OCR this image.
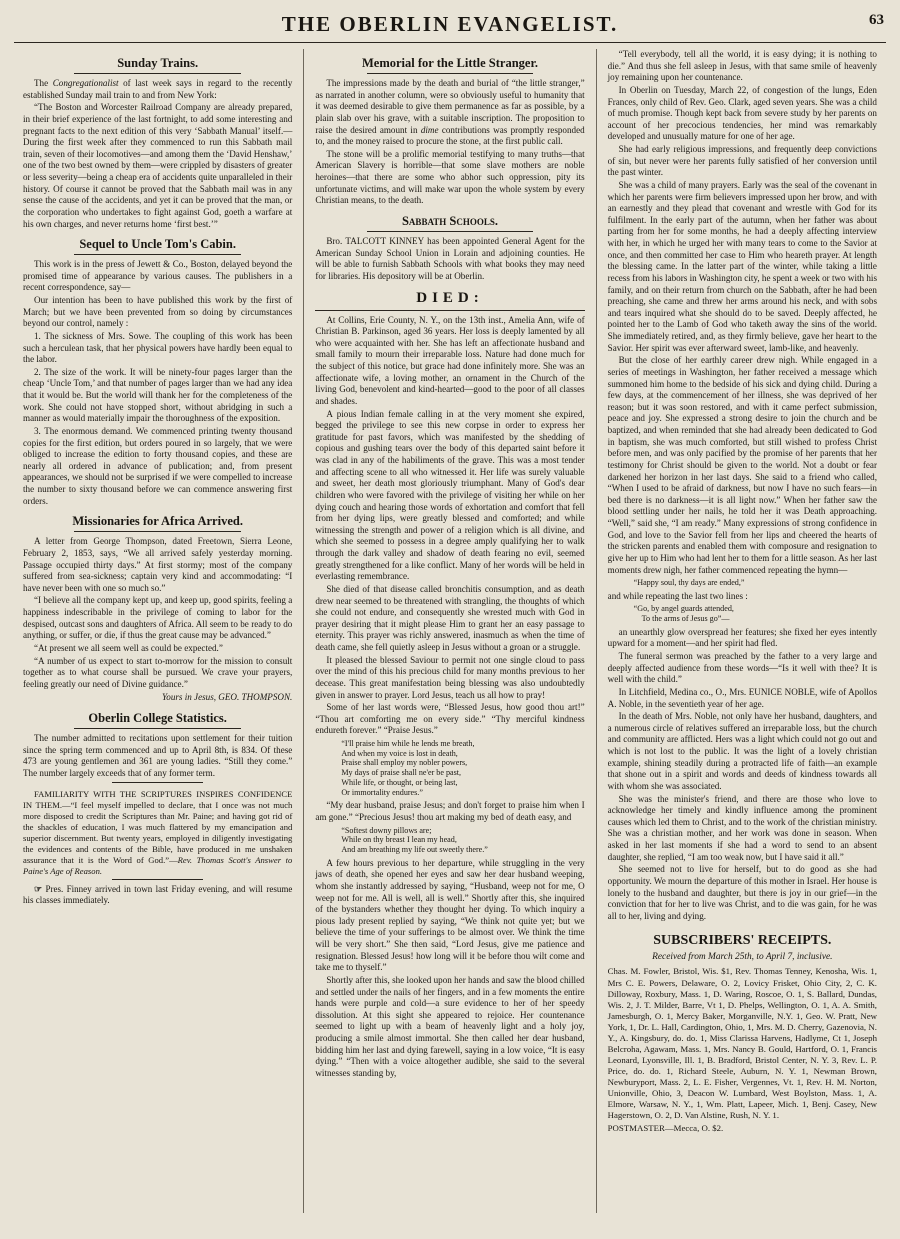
THE OBERLIN EVANGELIST.	63
Sunday Trains.

The Congregationalist of last week says in regard to the recently established Sunday mail train to and from New York:

“The Boston and Worcester Railroad Company are already prepared, in their brief experience of the last fortnight, to add some interesting and pregnant facts to the next edition of this very ‘Sabbath Manual’ itself.— During the first week after they commenced to run this Sabbath mail train, seven of their locomotives—and among them the ‘David Henshaw,’ one of the two best owned by them—were crippled by disasters of greater or less severity—being a cheap era of accidents quite unparalleled in their history. Of course it cannot be proved that the Sabbath mail was in any sense the cause of the accidents, and yet it can be proved that the man, or the corporation who undertakes to fight against God, goeth a warfare at his own charges, and never returns home ‘first best.’”

Sequel to Uncle Tom's Cabin.

This work is in the press of Jewett & Co., Boston, delayed beyond the promised time of appearance by various causes. The publishers in a recent correspondence, say—

Our intention has been to have published this work by the first of March; but we have been prevented from so doing by circumstances beyond our control, namely :

1. The sickness of Mrs. Sowe. The coupling of this work has been such a herculean task, that her physical powers have hardly been equal to the labor.

2. The size of the work. It will be ninety-four pages larger than the cheap ‘Uncle Tom,’ and that number of pages larger than we had any idea that it would be. But the world will thank her for the completeness of the work. She could not have stopped short, without abridging in such a manner as would materially impair the thoroughness of the exposition.

3. The enormous demand. We commenced printing twenty thousand copies for the first edition, but orders poured in so largely, that we were obliged to increase the edition to forty thousand copies, and these are nearly all ordered in advance of publication; and, from present appearances, we should not be surprised if we were compelled to increase the number to sixty thousand before we can commence answering first orders.

Missionaries for Africa Arrived.

A letter from George Thompson, dated Freetown, Sierra Leone, February 2, 1853, says, “We all arrived safely yesterday morning. Passage occupied thirty days.” At first stormy; most of the company suffered from sea-sickness; captain very kind and accommodating: “I have never been with one so much so.”

“I believe all the company kept up, and keep up, good spirits, feeling a happiness indescribable in the privilege of coming to labor for the despised, outcast sons and daughters of Africa. All seem to be ready to do anything, or suffer, or die, if thus the great cause may be advanced.”

“At present we all seem well as could be expected.”

“A number of us expect to start to-morrow for the mission to consult together as to what course shall be pursued. We crave your prayers, feeling greatly our need of Divine guidance.”

Yours in Jesus, GEO. THOMPSON.

Oberlin College Statistics.

The number admitted to recitations upon settlement for their tuition since the spring term commenced and up to April 8th, is 834. Of these 473 are young gentlemen and 361 are young ladies. “Still they come.” The number largely exceeds that of any former term.

FAMILIARITY WITH THE SCRIPTURES INSPIRES CONFIDENCE IN THEM.—“I feel myself impelled to declare, that I once was not much more disposed to credit the Scriptures than Mr. Paine; and having got rid of the shackles of education, I was much flattered by my emancipation and superior discernment. But twenty years, employed in diligently investigating the evidences and contents of the Bible, have produced in me unshaken assurance that it is the Word of God.”—Rev. Thomas Scott's Answer to Paine's Age of Reason.

☞ Pres. Finney arrived in town last Friday evening, and will resume his classes immediately.

Memorial for the Little Stranger.

The impressions made by the death and burial of “the little stranger,” as narrated in another column, were so obviously useful to humanity that it was deemed desirable to give them permanence as far as possible, by a plain slab over his grave, with a suitable inscription. The proposition to raise the desired amount in dime contributions was promptly responded to, and the money raised to procure the stone, at the first public call.

The stone will be a prolific memorial testifying to many truths—that American Slavery is horrible—that some slave mothers are noble heroines—that there are some who abhor such oppression, pity its unfortunate victims, and will make war upon the whole system by every Christian means, to the death.

Sabbath Schools.

Bro. TALCOTT KINNEY has been appointed General Agent for the American Sunday School Union in Lorain and adjoining counties. He will be able to furnish Sabbath Schools with what books they may need for libraries. His depository will be at Oberlin.

DIED:

At Collins, Erie County, N. Y., on the 13th inst., Amelia Ann, wife of Christian B. Parkinson, aged 36 years. Her loss is deeply lamented by all who were acquainted with her. She has left an affectionate husband and small family to mourn their irreparable loss. Nature had done much for the subject of this notice, but grace had done infinitely more. She was an affectionate wife, a loving mother, an ornament in the Church of the living God, benevolent and kind-hearted—good to the poor of all classes and shades.

A pious Indian female calling in at the very moment she expired, begged the privilege to see this new corpse in order to express her gratitude for past favors, which was manifested by the shedding of copious and gushing tears over the body of this departed saint before it was clad in any of the habiliments of the grave. This was a most tender and affecting scene to all who witnessed it. Her life was surely valuable and sweet, her death most gloriously triumphant. Many of God's dear children who were favored with the privilege of visiting her while on her dying couch and hearing those words of exhortation and comfort that fell from her dying lips, were greatly blessed and comforted; and while witnessing the strength and power of a religion which is all divine, and which she seemed to possess in a degree amply qualifying her to walk through the dark valley and shadow of death fearing no evil, seemed greatly strengthened for a like conflict. Many of her words will be held in everlasting remembrance.

She died of that disease called bronchitis consumption, and as death drew near seemed to be threatened with strangling, the thoughts of which she could not endure, and consequently she wrested much with God in prayer desiring that it might please Him to grant her an easy passage to eternity. This prayer was richly answered, inasmuch as when the time of death came, she fell quietly asleep in Jesus without a groan or a struggle.

It pleased the blessed Saviour to permit not one single cloud to pass over the mind of this his precious child for many months previous to her decease. This great manifestation being blessing was also undoubtedly given in answer to prayer. Lord Jesus, teach us all how to pray!

Some of her last words were, “Blessed Jesus, how good thou art!” “Thou art comforting me on every side.” “Thy merciful kindness endureth forever.” “Praise Jesus.”

“I'll praise him while he lends me breath,
And when my voice is lost in death,
Praise shall employ my nobler powers,
My days of praise shall ne'er be past,
While life, or thought, or being last,
Or immortality endures.”

“My dear husband, praise Jesus; and don't forget to praise him when I am gone.” “Precious Jesus! thou art making my bed of death easy, and

“Softest downy pillows are;
While on thy breast I lean my head,
And am breathing my life out sweetly there.”

A few hours previous to her departure, while struggling in the very jaws of death, she opened her eyes and saw her dear husband weeping, whom she instantly addressed by saying, “Husband, weep not for me, O weep not for me. All is well, all is well.” Shortly after this, she inquired of the bystanders whether they thought her dying. To which inquiry a pious lady present replied by saying, “We think not quite yet; but we believe the time of your sufferings to be almost over. We think the time will be very short.” She then said, “Lord Jesus, give me patience and resignation. Blessed Jesus! how long will it be before thou wilt come and take me to thyself.”

Shortly after this, she looked upon her hands and saw the blood chilled and settled under the nails of her fingers, and in a few moments the entire hands were purple and cold—a sure evidence to her of her speedy dissolution. At this sight she appeared to rejoice. Her countenance seemed to light up with a beam of heavenly light and a holy joy, producing a smile almost immortal. She then called her dear husband, bidding him her last and dying farewell, saying in a low voice, “It is easy dying.” “Then with a voice altogether audible, she said to the several witnesses standing by,

“Tell everybody, tell all the world, it is easy dying; it is nothing to die.” And thus she fell asleep in Jesus, with that same smile of heavenly joy remaining upon her countenance.

In Oberlin on Tuesday, March 22, of congestion of the lungs, Eden Frances, only child of Rev. Geo. Clark, aged seven years. She was a child of much promise. Though kept back from severe study by her parents on account of her precocious tendencies, her mind was remarkably developed and unusually mature for one of her age.

She had early religious impressions, and frequently deep convictions of sin, but never were her parents fully satisfied of her conversion until the past winter.

She was a child of many prayers. Early was the seal of the covenant in which her parents were firm believers impressed upon her brow, and with an earnestly and they plead that covenant and wrestle with God for its fulfilment. In the early part of the autumn, when her father was about parting from her for some months, he had a deeply affecting interview with her, in which he urged her with many tears to come to the Savior at once, and then committed her case to Him who heareth prayer. At length the blessing came. In the latter part of the winter, while taking a little recess from his labors in Washington city, he spent a week or two with his family, and on their return from church on the Sabbath, after he had been preaching, she came and threw her arms around his neck, and with sobs and tears inquired what she should do to be saved. Deeply affected, he pointed her to the Lamb of God who taketh away the sins of the world. She immediately retired, and, as they firmly believe, gave her heart to the Savior. Her spirit was ever afterward sweet, lamb-like, and heavenly.

But the close of her earthly career drew nigh. While engaged in a series of meetings in Washington, her father received a message which summoned him home to the bedside of his sick and dying child. During a few days, at the commencement of her illness, she was deprived of her reason; but it was soon restored, and with it came perfect submission, peace and joy. She expressed a strong desire to join the church and be baptized, and when reminded that she had already been dedicated to God in baptism, she was much comforted, but still wished to profess Christ before men, and was only pacified by the promise of her parents that her testimony for Christ should be given to the world. Not a doubt or fear darkened her horizon in her last days. She said to a friend who called, “When I used to be afraid of darkness, but now I have no such fears—in bed there is no darkness—it is all light now.” When her father saw the blood settling under her nails, he told her it was Death approaching. “Well,” said she, “I am ready.” Many expressions of strong confidence in God, and love to the Savior fell from her lips and cheered the hearts of the stricken parents and enabled them with composure and resignation to give her up to Him who had lent her to them for a little season. As her last moments drew nigh, her father commenced repeating the hymn—

“Happy soul, thy days are ended,”

and while repeating the last two lines :

“Go, by angel guards attended,
To the arms of Jesus go”—

an unearthly glow overspread her features; she fixed her eyes intently upward for a moment—and her spirit had fled.

The funeral sermon was preached by the father to a very large and deeply affected audience from these words—“Is it well with thee? It is well with the child.”

In Litchfield, Medina co., O., Mrs. EUNICE NOBLE, wife of Apollos A. Noble, in the seventieth year of her age.

In the death of Mrs. Noble, not only have her husband, daughters, and a numerous circle of relatives suffered an irreparable loss, but the church and community are afflicted. Hers was a light which could not go out and which is not lost to the public. It was the light of a lovely christian example, shining steadily during a protracted life of faith—an example that shone out in a spirit and words and deeds of kindness towards all with whom she was associated.

She was the minister's friend, and there are those who love to acknowledge her timely and kindly influence among the prominent causes which led them to Christ, and to the work of the christian ministry. She was a christian mother, and her work was done in season. When asked in her last moments if she had a word to send to an absent daughter, she replied, “I am too weak now, but I have said it all.”

She seemed not to live for herself, but to do good as she had opportunity. We mourn the departure of this mother in Israel. Her house is lonely to the husband and daughter, but there is joy in our grief—in the conviction that for her to live was Christ, and to die was gain, for he was all to her, living and dying.

SUBSCRIBERS' RECEIPTS.
Received from March 25th, to April 7, inclusive.

Chas. M. Fowler, Bristol, Wis. $1, Rev. Thomas Tenney, Kenosha, Wis. 1, Mrs C. E. Powers, Delaware, O. 2, Lovicy Frisket, Ohio City, 2, C. K. Dilloway, Roxbury, Mass. 1, D. Waring, Roscoe, O. 1, S. Ballard, Dundas, Wis. 2, J. T. Milder, Barre, Vt 1, D. Phelps, Wellington, O. 1, A. A. Smith, Jamesburgh, O. 1, Mercy Baker, Morganville, N.Y. 1, Geo. W. Pratt, New York, 1, Dr. L. Hall, Cardington, Ohio, 1, Mrs. M. D. Cherry, Gazenovia, N. Y., A. Kingsbury, do. do. 1, Miss Clarissa Harvens, Hadlyme, Ct 1, Joseph Belcroha, Agawam, Mass. 1, Mrs. Nancy B. Gould, Hartford, O. 1, Francis Leonard, Lyonsville, Ill. 1, B. Bradford, Bristol Center, N. Y. 3, Rev. L. P. Price, do. do. 1, Richard Steele, Auburn, N. Y. 1, Newman Brown, Newburyport, Mass. 2, L. E. Fisher, Vergennes, Vt. 1, Rev. H. M. Norton, Unionville, Ohio, 3, Deacon W. Lumbard, West Boylston, Mass. 1, A. Elmore, Warsaw, N. Y., 1, Wm. Platt, Lapeer, Mich. 1, Benj. Casey, New Hagerstown, O. 2, D. Van Alstine, Rush, N. Y. 1.

POSTMASTER—Mecca, O. $2.
